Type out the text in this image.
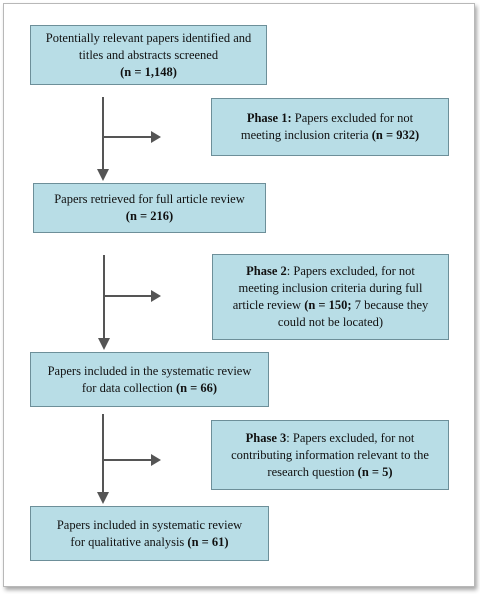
Potentially relevant papers identified and
titles and abstracts screened
(n = 1,148)
Papers retrieved for full article review
(n = 216)
Papers included in the systematic review
for data collection (n = 66)
Papers included in systematic review
for qualitative analysis (n = 61)
Phase 1: Papers excluded for not
meeting inclusion criteria (n = 932)
Phase 2: Papers excluded, for not
meeting inclusion criteria during full
article review (n = 150; 7 because they
could not be located)
Phase 3: Papers excluded, for not
contributing information relevant to the
research question (n = 5)
